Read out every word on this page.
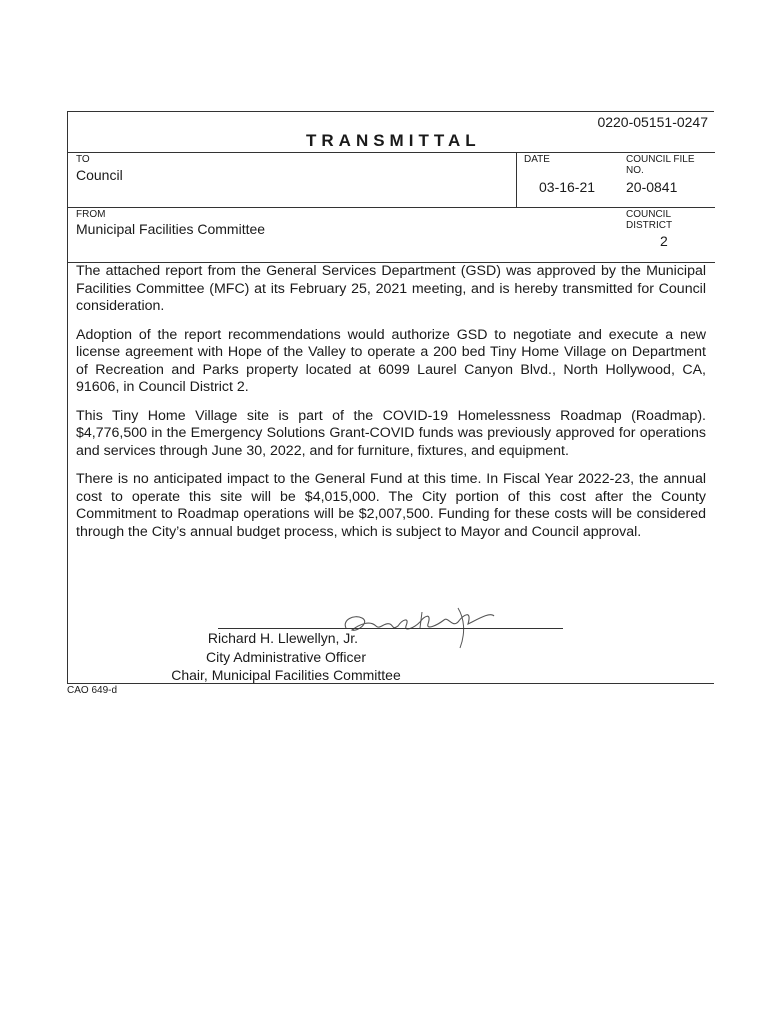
0220-05151-0247
TRANSMITTAL
TO
Council
DATE
03-16-21
COUNCIL FILE
NO.
20-0841
FROM
Municipal Facilities Committee
COUNCIL
DISTRICT
2

The attached report from the General Services Department (GSD) was approved by the Municipal Facilities Committee (MFC) at its February 25, 2021 meeting, and is hereby transmitted for Council consideration.

Adoption of the report recommendations would authorize GSD to negotiate and execute a new license agreement with Hope of the Valley to operate a 200 bed Tiny Home Village on Department of Recreation and Parks property located at 6099 Laurel Canyon Blvd., North Hollywood, CA, 91606, in Council District 2.

This Tiny Home Village site is part of the COVID-19 Homelessness Roadmap (Roadmap). $4,776,500 in the Emergency Solutions Grant-COVID funds was previously approved for operations and services through June 30, 2022, and for furniture, fixtures, and equipment.

There is no anticipated impact to the General Fund at this time. In Fiscal Year 2022-23, the annual cost to operate this site will be $4,015,000. The City portion of this cost after the County Commitment to Roadmap operations will be $2,007,500. Funding for these costs will be considered through the City’s annual budget process, which is subject to Mayor and Council approval.

Richard H. Llewellyn, Jr.
City Administrative Officer
Chair, Municipal Facilities Committee
CAO 649-d
